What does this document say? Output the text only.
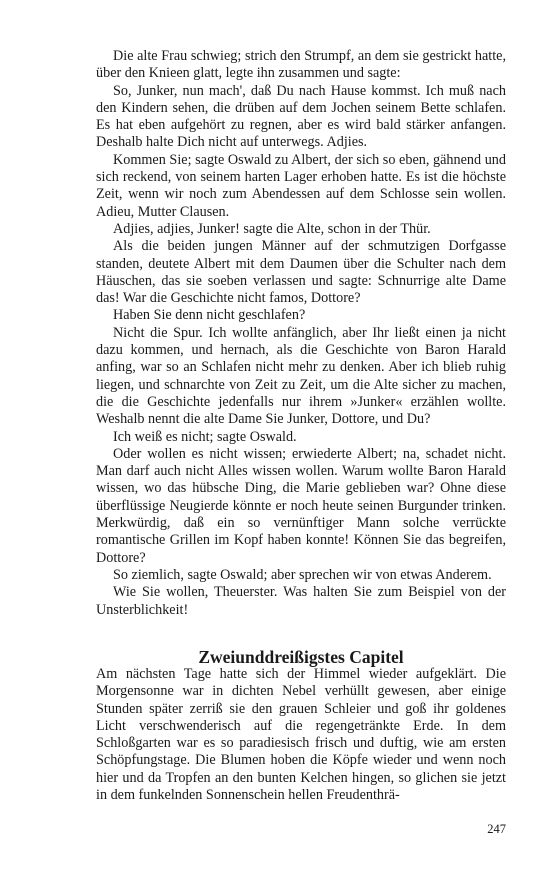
Die alte Frau schwieg; strich den Strumpf, an dem sie gestrickt hatte, über den Knieen glatt, legte ihn zusammen und sagte:

So, Junker, nun mach', daß Du nach Hause kommst. Ich muß nach den Kindern sehen, die drüben auf dem Jochen seinem Bette schlafen. Es hat eben aufgehört zu regnen, aber es wird bald stärker anfangen. Deshalb halte Dich nicht auf unterwegs. Adjies.

Kommen Sie; sagte Oswald zu Albert, der sich so eben, gähnend und sich reckend, von seinem harten Lager erhoben hatte. Es ist die höchste Zeit, wenn wir noch zum Abendessen auf dem Schlosse sein wollen. Adieu, Mutter Clausen.

Adjies, adjies, Junker! sagte die Alte, schon in der Thür.

Als die beiden jungen Männer auf der schmutzigen Dorfgasse standen, deutete Albert mit dem Daumen über die Schulter nach dem Häuschen, das sie soeben verlassen und sagte: Schnurrige alte Dame das! War die Geschichte nicht famos, Dottore?

Haben Sie denn nicht geschlafen?

Nicht die Spur. Ich wollte anfänglich, aber Ihr ließt einen ja nicht dazu kommen, und hernach, als die Geschichte von Baron Harald anfing, war so an Schlafen nicht mehr zu denken. Aber ich blieb ruhig liegen, und schnarchte von Zeit zu Zeit, um die Alte sicher zu machen, die die Geschichte jedenfalls nur ihrem »Junker« erzählen wollte. Weshalb nennt die alte Dame Sie Junker, Dottore, und Du?

Ich weiß es nicht; sagte Oswald.

Oder wollen es nicht wissen; erwiederte Albert; na, schadet nicht. Man darf auch nicht Alles wissen wollen. Warum wollte Baron Harald wissen, wo das hübsche Ding, die Marie geblieben war? Ohne diese überflüssige Neugierde könnte er noch heute seinen Burgunder trinken. Merkwürdig, daß ein so vernünftiger Mann solche verrückte romantische Grillen im Kopf haben konnte! Können Sie das begreifen, Dottore?

So ziemlich, sagte Oswald; aber sprechen wir von etwas Anderem.

Wie Sie wollen, Theuerster. Was halten Sie zum Beispiel von der Unsterblichkeit!

Zweiunddreißigstes Capitel

Am nächsten Tage hatte sich der Himmel wieder aufgeklärt. Die Morgensonne war in dichten Nebel verhüllt gewesen, aber einige Stunden später zerriß sie den grauen Schleier und goß ihr goldenes Licht verschwenderisch auf die regengetränkte Erde. In dem Schloßgarten war es so paradiesisch frisch und duftig, wie am ersten Schöpfungstage. Die Blumen hoben die Köpfe wieder und wenn noch hier und da Tropfen an den bunten Kelchen hingen, so glichen sie jetzt in dem funkelnden Sonnenschein hellen Freudenthrä-

247
